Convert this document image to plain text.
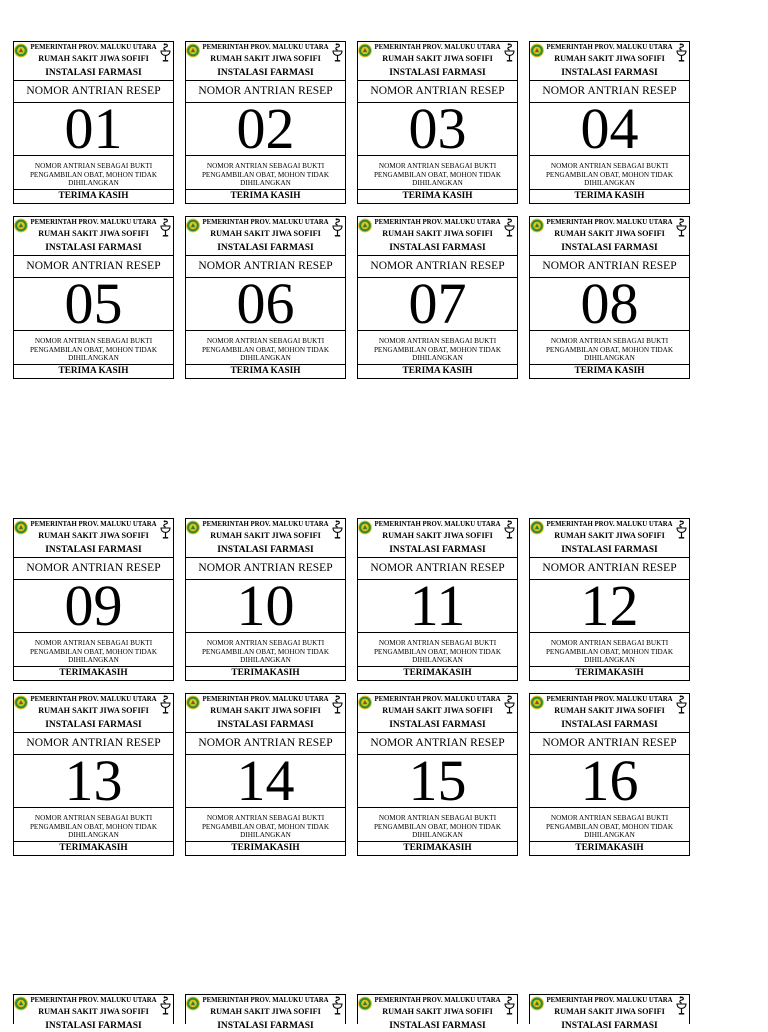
PEMERINTAH PROV. MALUKU UTARA
RUMAH SAKIT JIWA SOFIFI
INSTALASI FARMASI
NOMOR ANTRIAN RESEP
01
NOMOR ANTRIAN SEBAGAI BUKTI
PENGAMBILAN OBAT, MOHON TIDAK
DIHILANGKAN
TERIMA KASIH
PEMERINTAH PROV. MALUKU UTARA
RUMAH SAKIT JIWA SOFIFI
INSTALASI FARMASI
NOMOR ANTRIAN RESEP
02
NOMOR ANTRIAN SEBAGAI BUKTI
PENGAMBILAN OBAT, MOHON TIDAK
DIHILANGKAN
TERIMA KASIH
PEMERINTAH PROV. MALUKU UTARA
RUMAH SAKIT JIWA SOFIFI
INSTALASI FARMASI
NOMOR ANTRIAN RESEP
03
NOMOR ANTRIAN SEBAGAI BUKTI
PENGAMBILAN OBAT, MOHON TIDAK
DIHILANGKAN
TERIMA KASIH
PEMERINTAH PROV. MALUKU UTARA
RUMAH SAKIT JIWA SOFIFI
INSTALASI FARMASI
NOMOR ANTRIAN RESEP
04
NOMOR ANTRIAN SEBAGAI BUKTI
PENGAMBILAN OBAT, MOHON TIDAK
DIHILANGKAN
TERIMA KASIH
PEMERINTAH PROV. MALUKU UTARA
RUMAH SAKIT JIWA SOFIFI
INSTALASI FARMASI
NOMOR ANTRIAN RESEP
05
NOMOR ANTRIAN SEBAGAI BUKTI
PENGAMBILAN OBAT, MOHON TIDAK
DIHILANGKAN
TERIMA KASIH
PEMERINTAH PROV. MALUKU UTARA
RUMAH SAKIT JIWA SOFIFI
INSTALASI FARMASI
NOMOR ANTRIAN RESEP
06
NOMOR ANTRIAN SEBAGAI BUKTI
PENGAMBILAN OBAT, MOHON TIDAK
DIHILANGKAN
TERIMA KASIH
PEMERINTAH PROV. MALUKU UTARA
RUMAH SAKIT JIWA SOFIFI
INSTALASI FARMASI
NOMOR ANTRIAN RESEP
07
NOMOR ANTRIAN SEBAGAI BUKTI
PENGAMBILAN OBAT, MOHON TIDAK
DIHILANGKAN
TERIMA KASIH
PEMERINTAH PROV. MALUKU UTARA
RUMAH SAKIT JIWA SOFIFI
INSTALASI FARMASI
NOMOR ANTRIAN RESEP
08
NOMOR ANTRIAN SEBAGAI BUKTI
PENGAMBILAN OBAT, MOHON TIDAK
DIHILANGKAN
TERIMA KASIH
PEMERINTAH PROV. MALUKU UTARA
RUMAH SAKIT JIWA SOFIFI
INSTALASI FARMASI
NOMOR ANTRIAN RESEP
09
NOMOR ANTRIAN SEBAGAI BUKTI
PENGAMBILAN OBAT, MOHON TIDAK
DIHILANGKAN
TERIMAKASIH
PEMERINTAH PROV. MALUKU UTARA
RUMAH SAKIT JIWA SOFIFI
INSTALASI FARMASI
NOMOR ANTRIAN RESEP
10
NOMOR ANTRIAN SEBAGAI BUKTI
PENGAMBILAN OBAT, MOHON TIDAK
DIHILANGKAN
TERIMAKASIH
PEMERINTAH PROV. MALUKU UTARA
RUMAH SAKIT JIWA SOFIFI
INSTALASI FARMASI
NOMOR ANTRIAN RESEP
11
NOMOR ANTRIAN SEBAGAI BUKTI
PENGAMBILAN OBAT, MOHON TIDAK
DIHILANGKAN
TERIMAKASIH
PEMERINTAH PROV. MALUKU UTARA
RUMAH SAKIT JIWA SOFIFI
INSTALASI FARMASI
NOMOR ANTRIAN RESEP
12
NOMOR ANTRIAN SEBAGAI BUKTI
PENGAMBILAN OBAT, MOHON TIDAK
DIHILANGKAN
TERIMAKASIH
PEMERINTAH PROV. MALUKU UTARA
RUMAH SAKIT JIWA SOFIFI
INSTALASI FARMASI
NOMOR ANTRIAN RESEP
13
NOMOR ANTRIAN SEBAGAI BUKTI
PENGAMBILAN OBAT, MOHON TIDAK
DIHILANGKAN
TERIMAKASIH
PEMERINTAH PROV. MALUKU UTARA
RUMAH SAKIT JIWA SOFIFI
INSTALASI FARMASI
NOMOR ANTRIAN RESEP
14
NOMOR ANTRIAN SEBAGAI BUKTI
PENGAMBILAN OBAT, MOHON TIDAK
DIHILANGKAN
TERIMAKASIH
PEMERINTAH PROV. MALUKU UTARA
RUMAH SAKIT JIWA SOFIFI
INSTALASI FARMASI
NOMOR ANTRIAN RESEP
15
NOMOR ANTRIAN SEBAGAI BUKTI
PENGAMBILAN OBAT, MOHON TIDAK
DIHILANGKAN
TERIMAKASIH
PEMERINTAH PROV. MALUKU UTARA
RUMAH SAKIT JIWA SOFIFI
INSTALASI FARMASI
NOMOR ANTRIAN RESEP
16
NOMOR ANTRIAN SEBAGAI BUKTI
PENGAMBILAN OBAT, MOHON TIDAK
DIHILANGKAN
TERIMAKASIH
PEMERINTAH PROV. MALUKU UTARA
RUMAH SAKIT JIWA SOFIFI
INSTALASI FARMASI
PEMERINTAH PROV. MALUKU UTARA
RUMAH SAKIT JIWA SOFIFI
INSTALASI FARMASI
PEMERINTAH PROV. MALUKU UTARA
RUMAH SAKIT JIWA SOFIFI
INSTALASI FARMASI
PEMERINTAH PROV. MALUKU UTARA
RUMAH SAKIT JIWA SOFIFI
INSTALASI FARMASI
